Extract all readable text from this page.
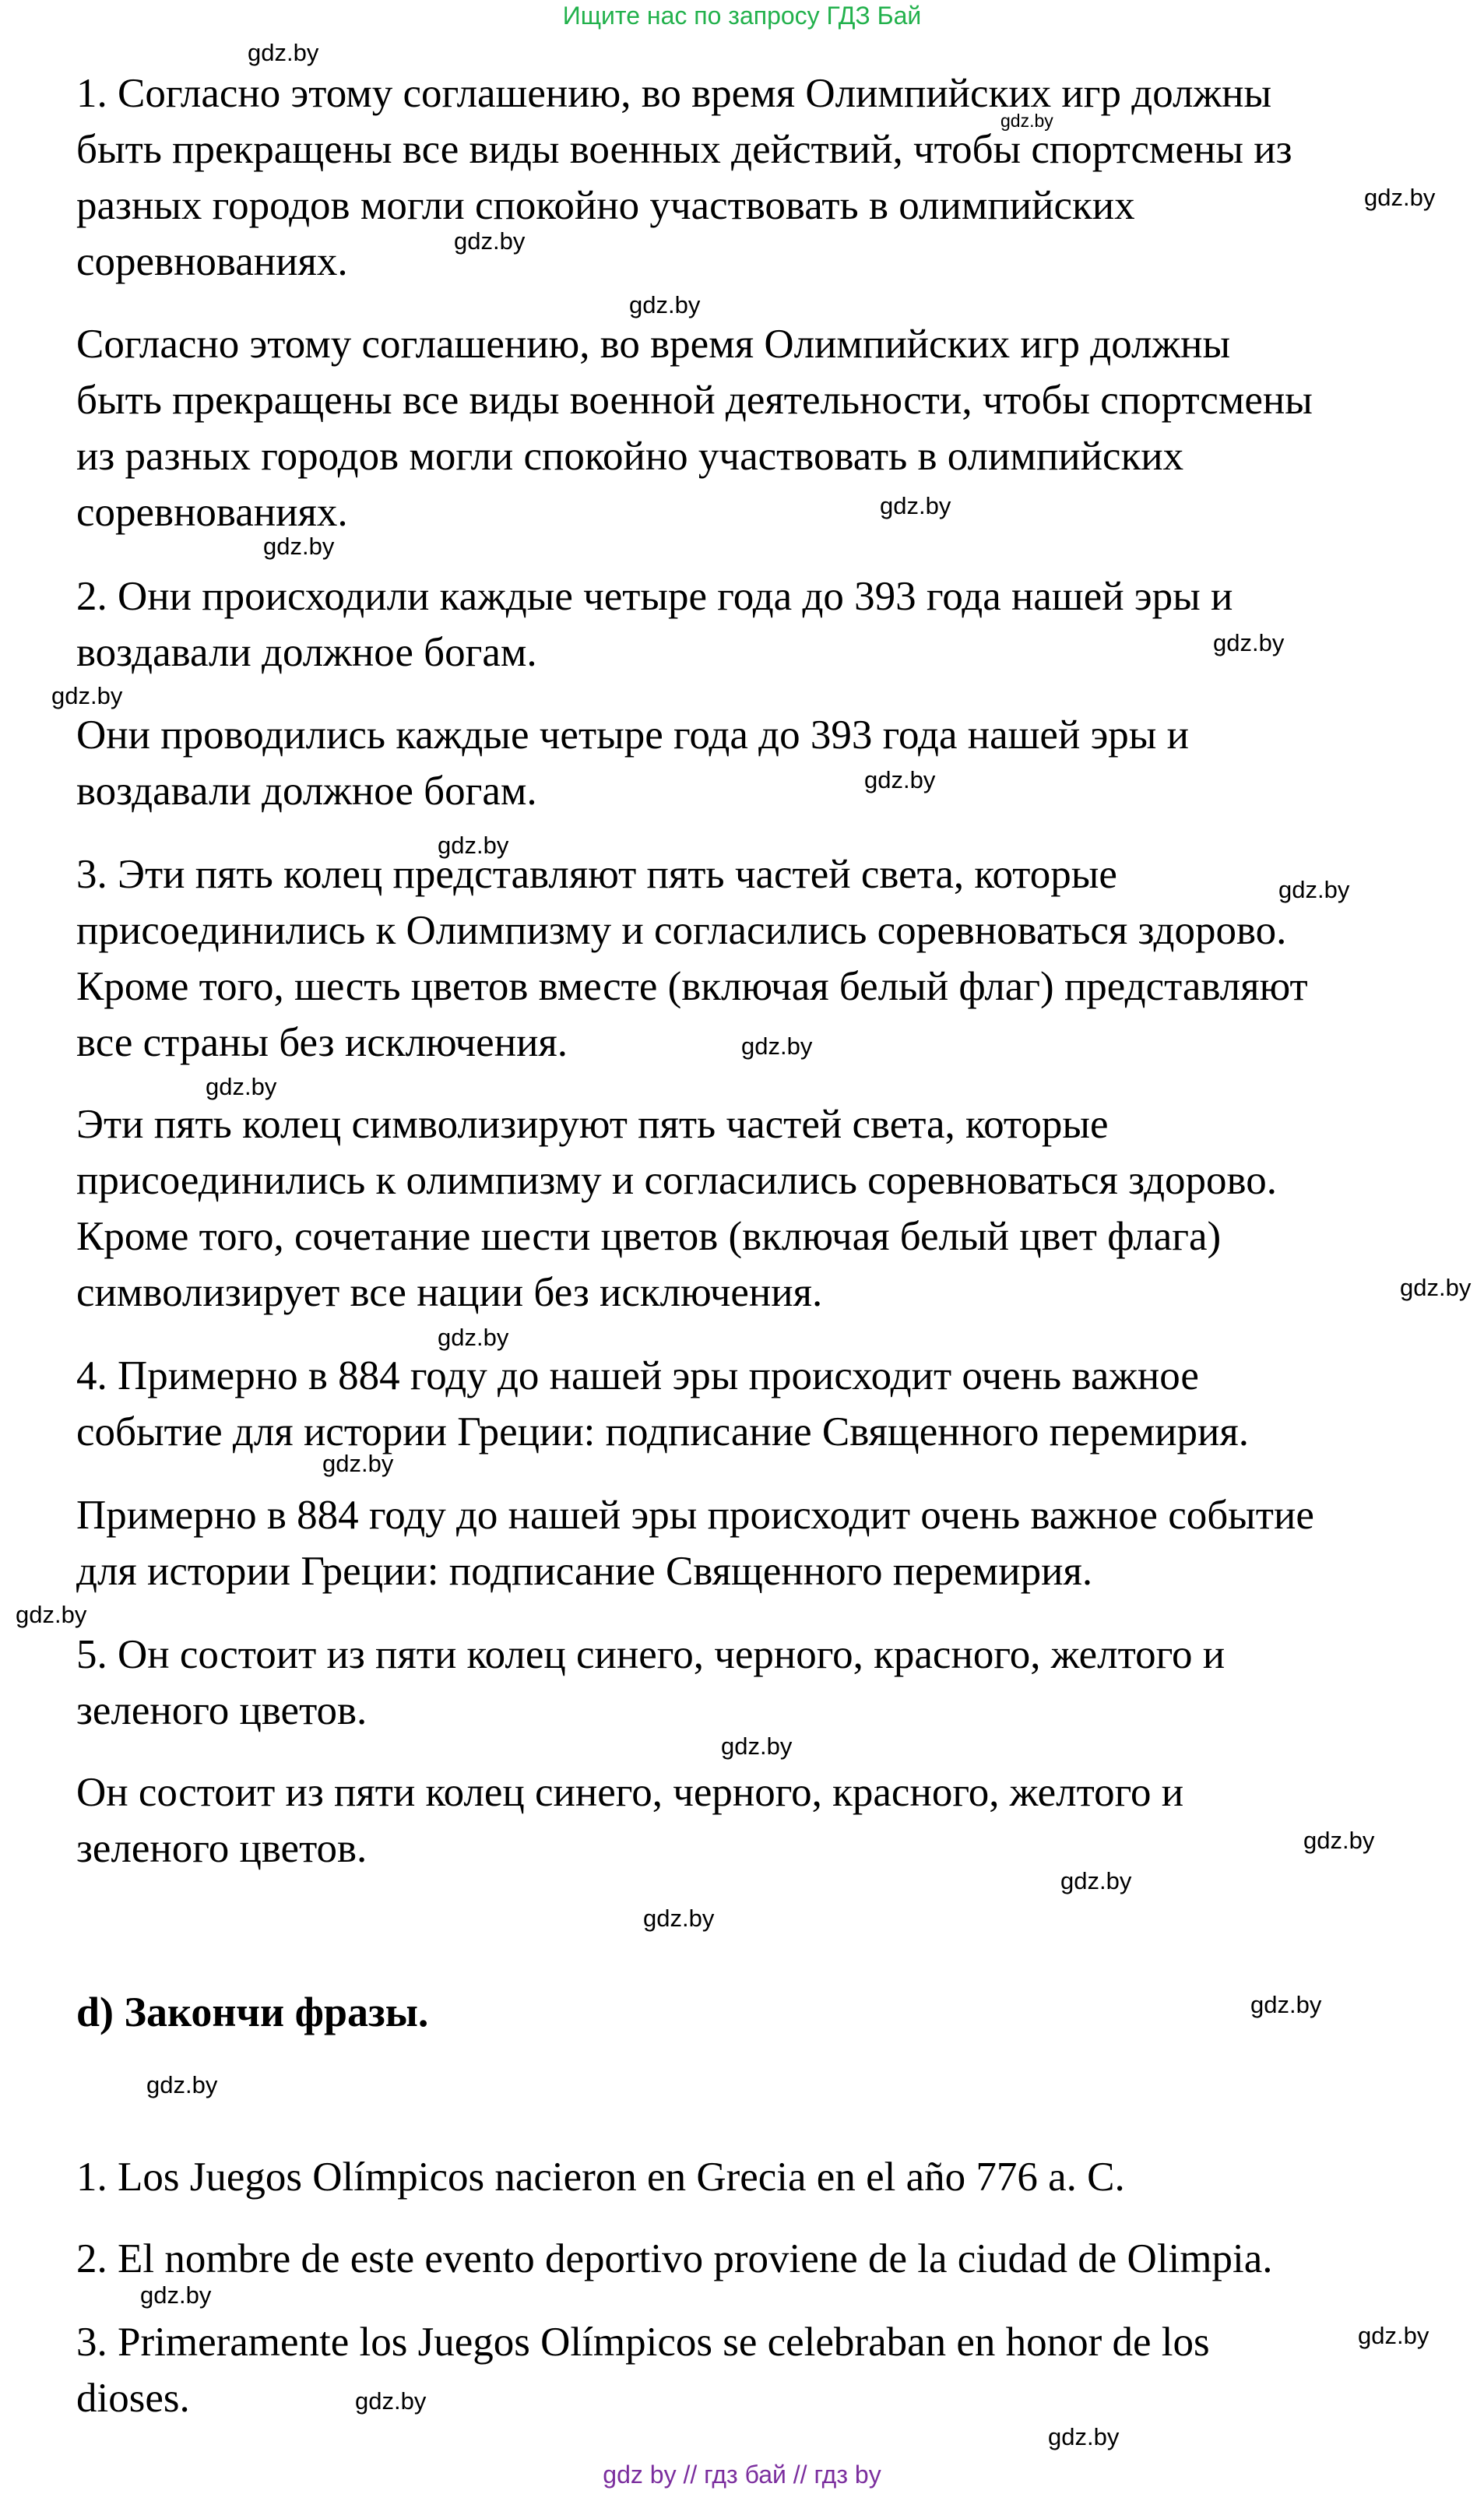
Ищите нас по запросу ГДЗ Бай
1. Согласно этому соглашению, во время Олимпийских игр должны
быть прекращены все виды военных действий, чтобы спортсмены из
разных городов могли спокойно участвовать в олимпийских
соревнованиях.
Согласно этому соглашению, во время Олимпийских игр должны
быть прекращены все виды военной деятельности, чтобы спортсмены
из разных городов могли спокойно участвовать в олимпийских
соревнованиях.
2. Они происходили каждые четыре года до 393 года нашей эры и
воздавали должное богам.
Они проводились каждые четыре года до 393 года нашей эры и
воздавали должное богам.
3. Эти пять колец представляют пять частей света, которые
присоединились к Олимпизму и согласились соревноваться здорово.
Кроме того, шесть цветов вместе (включая белый флаг) представляют
все страны без исключения.
Эти пять колец символизируют пять частей света, которые
присоединились к олимпизму и согласились соревноваться здорово.
Кроме того, сочетание шести цветов (включая белый цвет флага)
символизирует все нации без исключения.
4. Примерно в 884 году до нашей эры происходит очень важное
событие для истории Греции: подписание Священного перемирия.
Примерно в 884 году до нашей эры происходит очень важное событие
для истории Греции: подписание Священного перемирия.
5. Он состоит из пяти колец синего, черного, красного, желтого и
зеленого цветов.
Он состоит из пяти колец синего, черного, красного, желтого и
зеленого цветов.
d) Закончи фразы.
1. Los Juegos Olímpicos nacieron en Grecia en el año 776 a. C.
2. El nombre de este evento deportivo proviene de la ciudad de Olimpia.
3. Primeramente los Juegos Olímpicos se celebraban en honor de los
dioses.
gdz.by
gdz.by
gdz.by
gdz.by
gdz.by
gdz.by
gdz.by
gdz.by
gdz.by
gdz.by
gdz.by
gdz.by
gdz.by
gdz.by
gdz.by
gdz.by
gdz.by
gdz.by
gdz.by
gdz.by
gdz.by
gdz.by
gdz.by
gdz.by
gdz.by
gdz.by
gdz.by
gdz.by
gdz by // гдз бай // гдз by
